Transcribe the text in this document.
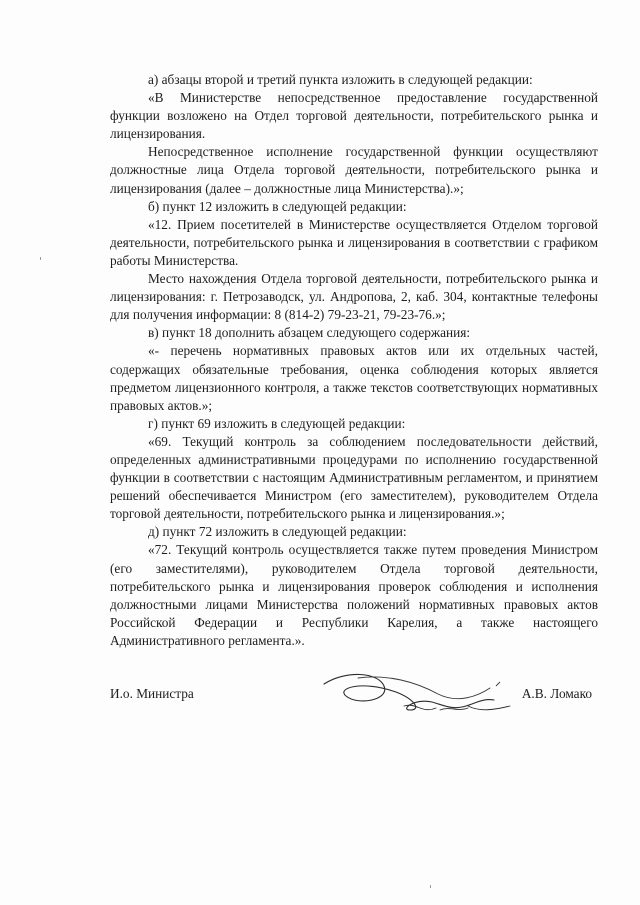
а) абзацы второй и третий пункта изложить в следующей редакции:

«В Министерстве непосредственное предоставление государственной функции возложено на Отдел торговой деятельности, потребительского рынка и лицензирования.

Непосредственное исполнение государственной функции осуществляют должностные лица Отдела торговой деятельности, потребительского рынка и лицензирования (далее – должностные лица Министерства).»;

б) пункт 12 изложить в следующей редакции:

«12. Прием посетителей в Министерстве осуществляется Отделом торговой деятельности, потребительского рынка и лицензирования в соответствии с графиком работы Министерства.

Место нахождения Отдела торговой деятельности, потребительского рынка и лицензирования: г. Петрозаводск, ул. Андропова, 2, каб. 304, контактные телефоны для получения информации: 8 (814-2) 79-23-21, 79-23-76.»;

в) пункт 18 дополнить абзацем следующего содержания:

«- перечень нормативных правовых актов или их отдельных частей, содержащих обязательные требования, оценка соблюдения которых является предметом лицензионного контроля, а также текстов соответствующих нормативных правовых актов.»;

г) пункт 69 изложить в следующей редакции:

«69. Текущий контроль за соблюдением последовательности действий, определенных административными процедурами по исполнению государственной функции в соответствии с настоящим Административным регламентом, и принятием решений обеспечивается Министром (его заместителем), руководителем Отдела торговой деятельности, потребительского рынка и лицензирования.»;

д) пункт 72 изложить в следующей редакции:

«72. Текущий контроль осуществляется также путем проведения Министром (его заместителями), руководителем Отдела торговой деятельности, потребительского рынка и лицензирования проверок соблюдения и исполнения должностными лицами Министерства положений нормативных правовых актов Российской Федерации и Республики Карелия, а также настоящего Административного регламента.».

И.о. Министра	А.В. Ломако
